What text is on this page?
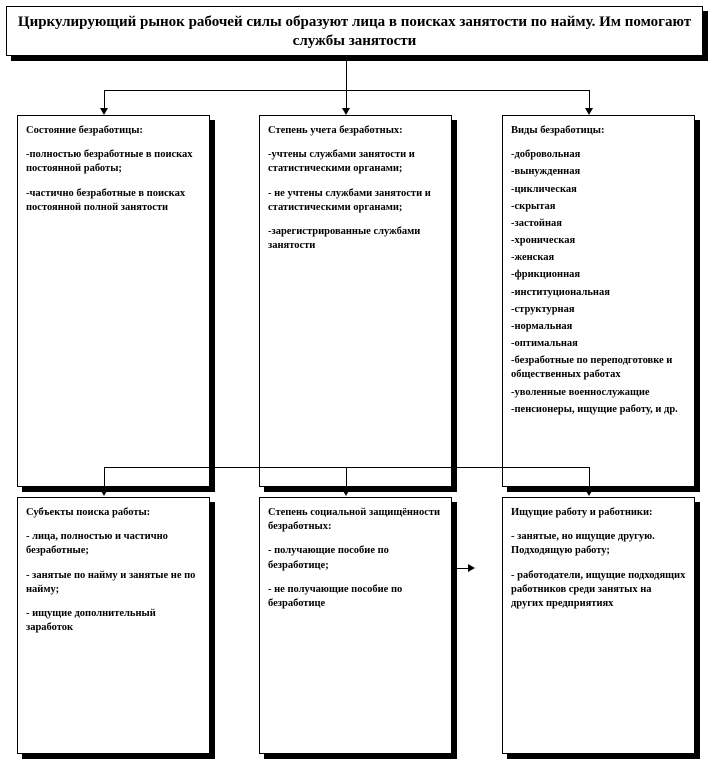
Циркулирующий рынок рабочей силы образуют лица в поисках занятости по найму. Им помогают службы занятости
Состояние безработицы:
-полностью безработные в поисках постоянной работы;
-частично безработные в поисках постоянной полной занятости
Степень учета безработных:
-учтены службами занятости и статистическими органами;
- не учтены службами занятости и статистическими органами;
-зарегистрированные службами занятости
Виды безработицы:
-добровольная
-вынужденная
-циклическая
-скрытая
-застойная
-хроническая
-женская
-фрикционная
-институциональная
-структурная
-нормальная
-оптимальная
-безработные по переподготовке и общественных работах
-уволенные военнослужащие
-пенсионеры, ищущие работу, и др.
Субъекты поиска работы:
- лица, полностью и частично безработные;
- занятые по найму и занятые не по найму;
- ищущие дополнительный заработок
Степень социальной защищённости безработных:
- получающие пособие по безработице;
- не получающие пособие по безработице
Ищущие работу и работники:
- занятые, но ищущие другую. Подходящую работу;
- работодатели, ищущие подходящих работников среди занятых на других предприятиях
